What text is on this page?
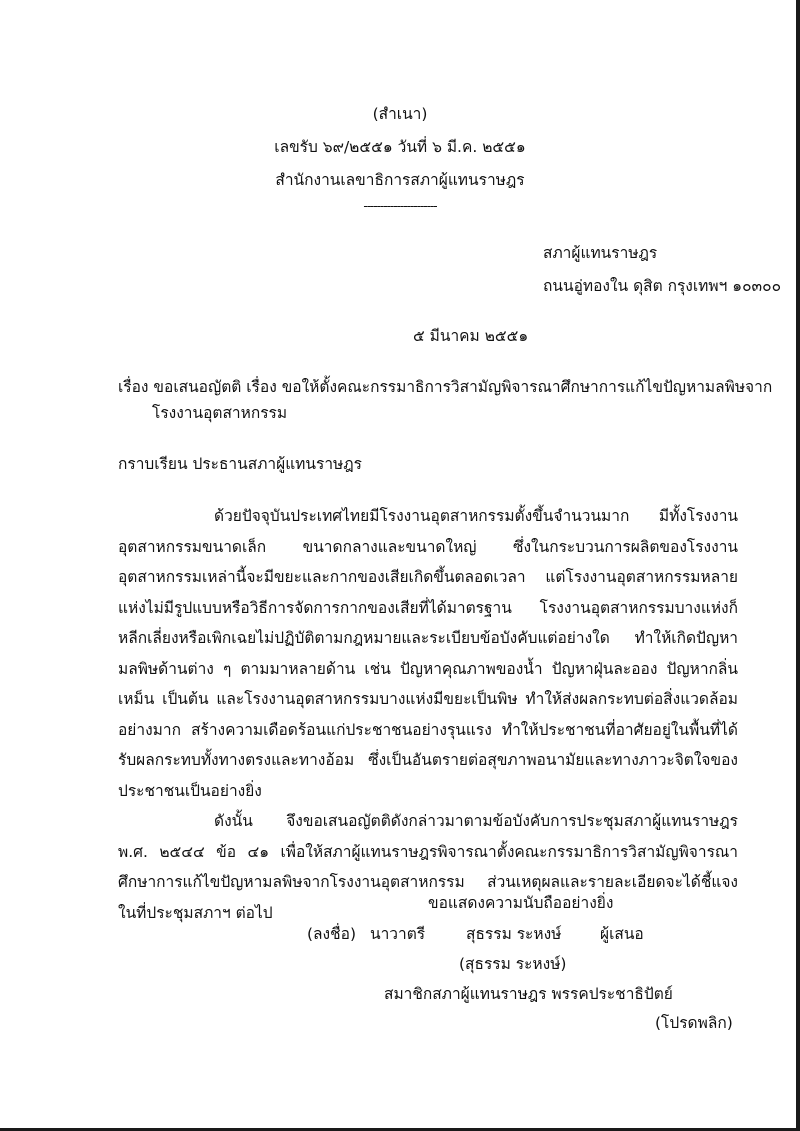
(สำเนา)
เลขรับ ๖๙/๒๕๕๑ วันที่ ๖ มี.ค. ๒๕๕๑
สำนักงานเลขาธิการสภาผู้แทนราษฎร
----------------------
สภาผู้แทนราษฎร
ถนนอู่ทองใน ดุสิต กรุงเทพฯ ๑๐๓๐๐
๕ มีนาคม ๒๕๕๑
เรื่อง ขอเสนอญัตติ เรื่อง ขอให้ตั้งคณะกรรมาธิการวิสามัญพิจารณาศึกษาการแก้ไขปัญหามลพิษจาก
โรงงานอุตสาหกรรม
กราบเรียน ประธานสภาผู้แทนราษฎร

ด้วยปัจจุบันประเทศไทยมีโรงงานอุตสาหกรรมตั้งขึ้นจำนวนมาก มีทั้งโรงงานอุตสาหกรรมขนาดเล็ก ขนาดกลางและขนาดใหญ่ ซึ่งในกระบวนการผลิตของโรงงานอุตสาหกรรมเหล่านี้จะมีขยะและกากของเสียเกิดขึ้นตลอดเวลา แต่โรงงานอุตสาหกรรมหลายแห่งไม่มีรูปแบบหรือวิธีการจัดการกากของเสียที่ได้มาตรฐาน โรงงานอุตสาหกรรมบางแห่งก็หลีกเลี่ยงหรือเพิกเฉยไม่ปฏิบัติตามกฎหมายและระเบียบข้อบังคับแต่อย่างใด ทำให้เกิดปัญหามลพิษด้านต่าง ๆ ตามมาหลายด้าน เช่น ปัญหาคุณภาพของน้ำ ปัญหาฝุ่นละออง ปัญหากลิ่นเหม็น เป็นต้น และโรงงานอุตสาหกรรมบางแห่งมีขยะเป็นพิษ ทำให้ส่งผลกระทบต่อสิ่งแวดล้อมอย่างมาก สร้างความเดือดร้อนแก่ประชาชนอย่างรุนแรง ทำให้ประชาชนที่อาศัยอยู่ในพื้นที่ได้รับผลกระทบทั้งทางตรงและทางอ้อม ซึ่งเป็นอันตรายต่อสุขภาพอนามัยและทางภาวะจิตใจของประชาชนเป็นอย่างยิ่ง

ดังนั้น จึงขอเสนอญัตติดังกล่าวมาตามข้อบังคับการประชุมสภาผู้แทนราษฎร พ.ศ. ๒๕๔๔ ข้อ ๔๑ เพื่อให้สภาผู้แทนราษฎรพิจารณาตั้งคณะกรรมาธิการวิสามัญพิจารณาศึกษาการแก้ไขปัญหามลพิษจากโรงงานอุตสาหกรรม ส่วนเหตุผลและรายละเอียดจะได้ชี้แจงในที่ประชุมสภาฯ ต่อไป

ขอแสดงความนับถืออย่างยิ่ง
(ลงชื่อ) นาวาตรี	สุธรรม ระหงษ์ ผู้เสนอ
(สุธรรม ระหงษ์)
สมาชิกสภาผู้แทนราษฎร พรรคประชาธิปัตย์
(โปรดพลิก)
